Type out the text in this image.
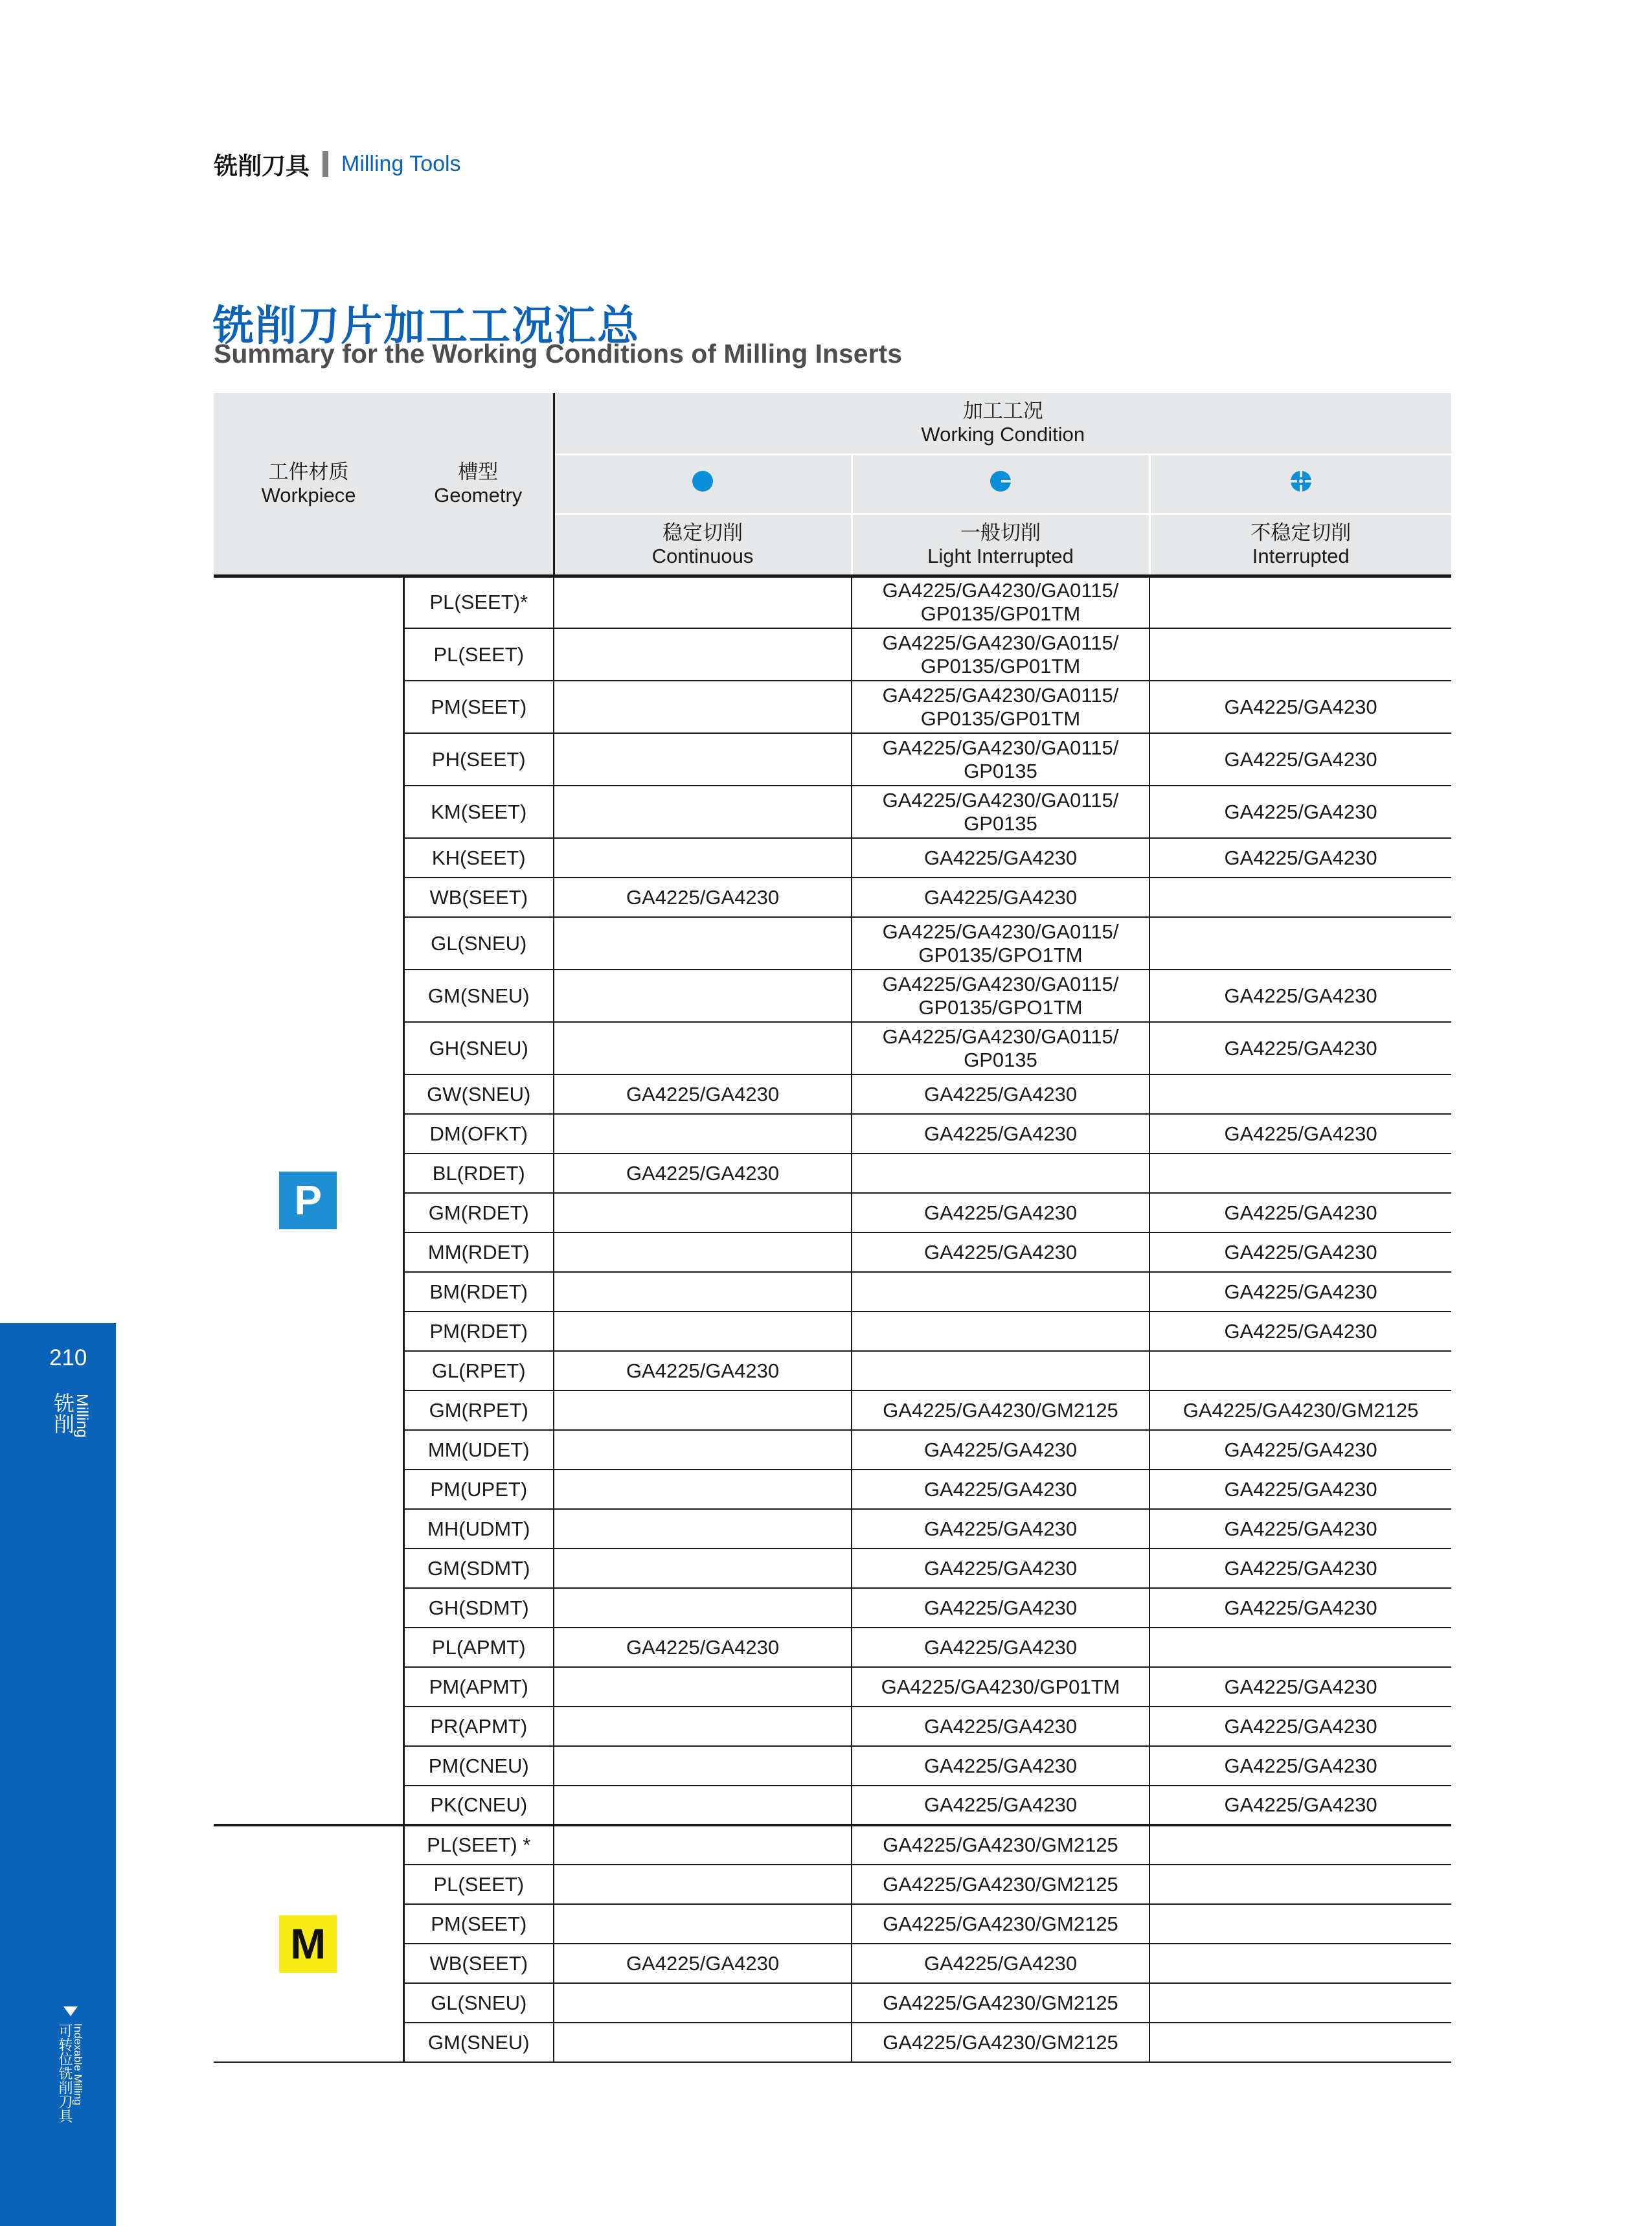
铣削刀具 Milling Tools
铣削刀片加工工况汇总
Summary for the Working Conditions of Milling Inserts
210
铣削
Milling
可转位铣削刀具 Indexable Milling
工件材质
Workpiece	槽型
Geometry	加工工况
Working Condition		

		稳定切削
Continuous	一般切削
Light Interrupted	不稳定切削
Interrupted
P	PL(SEET)*		GA4225/GA4230/GA0115/
GP0135/GP01TM	

	PL(SEET)		GA4225/GA4230/GA0115/
GP0135/GP01TM	

	PM(SEET)		GA4225/GA4230/GA0115/
GP0135/GP01TM	GA4225/GA4230
	PH(SEET)		GA4225/GA4230/GA0115/
GP0135	GA4225/GA4230
	KM(SEET)		GA4225/GA4230/GA0115/
GP0135	GA4225/GA4230
	KH(SEET)		GA4225/GA4230	GA4225/GA4230
	WB(SEET)	GA4225/GA4230	GA4225/GA4230	

	GL(SNEU)		GA4225/GA4230/GA0115/
GP0135/GPO1TM	

	GM(SNEU)		GA4225/GA4230/GA0115/
GP0135/GPO1TM	GA4225/GA4230
	GH(SNEU)		GA4225/GA4230/GA0115/
GP0135	GA4225/GA4230
	GW(SNEU)	GA4225/GA4230	GA4225/GA4230	

	DM(OFKT)		GA4225/GA4230	GA4225/GA4230
	BL(RDET)	GA4225/GA4230	

	GM(RDET)		GA4225/GA4230	GA4225/GA4230
	MM(RDET)		GA4225/GA4230	GA4225/GA4230
	BM(RDET)			GA4225/GA4230
	PM(RDET)			GA4225/GA4230
	GL(RPET)	GA4225/GA4230	

	GM(RPET)		GA4225/GA4230/GM2125	GA4225/GA4230/GM2125
	MM(UDET)		GA4225/GA4230	GA4225/GA4230
	PM(UPET)		GA4225/GA4230	GA4225/GA4230
	MH(UDMT)		GA4225/GA4230	GA4225/GA4230
	GM(SDMT)		GA4225/GA4230	GA4225/GA4230
	GH(SDMT)		GA4225/GA4230	GA4225/GA4230
	PL(APMT)	GA4225/GA4230	GA4225/GA4230	

	PM(APMT)		GA4225/GA4230/GP01TM	GA4225/GA4230
	PR(APMT)		GA4225/GA4230	GA4225/GA4230
	PM(CNEU)		GA4225/GA4230	GA4225/GA4230
	PK(CNEU)		GA4225/GA4230	GA4225/GA4230
M	PL(SEET) *		GA4225/GA4230/GM2125	

	PL(SEET)		GA4225/GA4230/GM2125	

	PM(SEET)		GA4225/GA4230/GM2125	

	WB(SEET)	GA4225/GA4230	GA4225/GA4230	

	GL(SNEU)		GA4225/GA4230/GM2125	

	GM(SNEU)		GA4225/GA4230/GM2125	
